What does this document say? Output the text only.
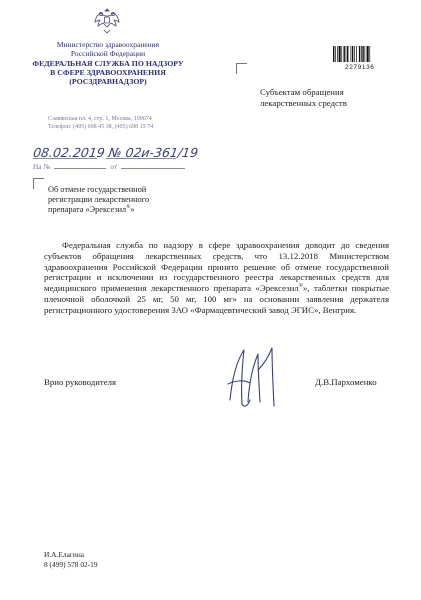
Министерство здравоохранения
Российской Федерации
ФЕДЕРАЛЬНАЯ СЛУЖБА ПО НАДЗОРУ
В СФЕРЕ ЗДРАВООХРАНЕНИЯ
(РОСЗДРАВНАДЗОР)
Славянская пл. 4, стр. 1, Москва, 109074
Телефон: (495) 698 45 38, (495) 698 15 74
2279136
Субъектам обращения
лекарственных средств
08.02.2019 № 02и-361/19
На №	от
Об отмене государственной
регистрации лекарственного
препарата «Эрексезил®»

Федеральная служба по надзору в сфере здравоохранения доводит до сведения субъектов обращения лекарственных средств, что 13.12.2018 Министерством здравоохранения Российской Федерации принято решение об отмене государственной регистрации и исключении из государственного реестра лекарственных средств для медицинского применения лекарственного препарата «Эрексезил®», таблетки покрытые пленочной оболочкой 25 мг, 50 мг, 100 мг» на основании заявления держателя регистрационного удостоверения ЗАО «Фармацевтический завод ЭГИС», Венгрия.

Врио руководителя	Д.В.Пархоменко
И.А.Елагина
8 (499) 578 02-19
